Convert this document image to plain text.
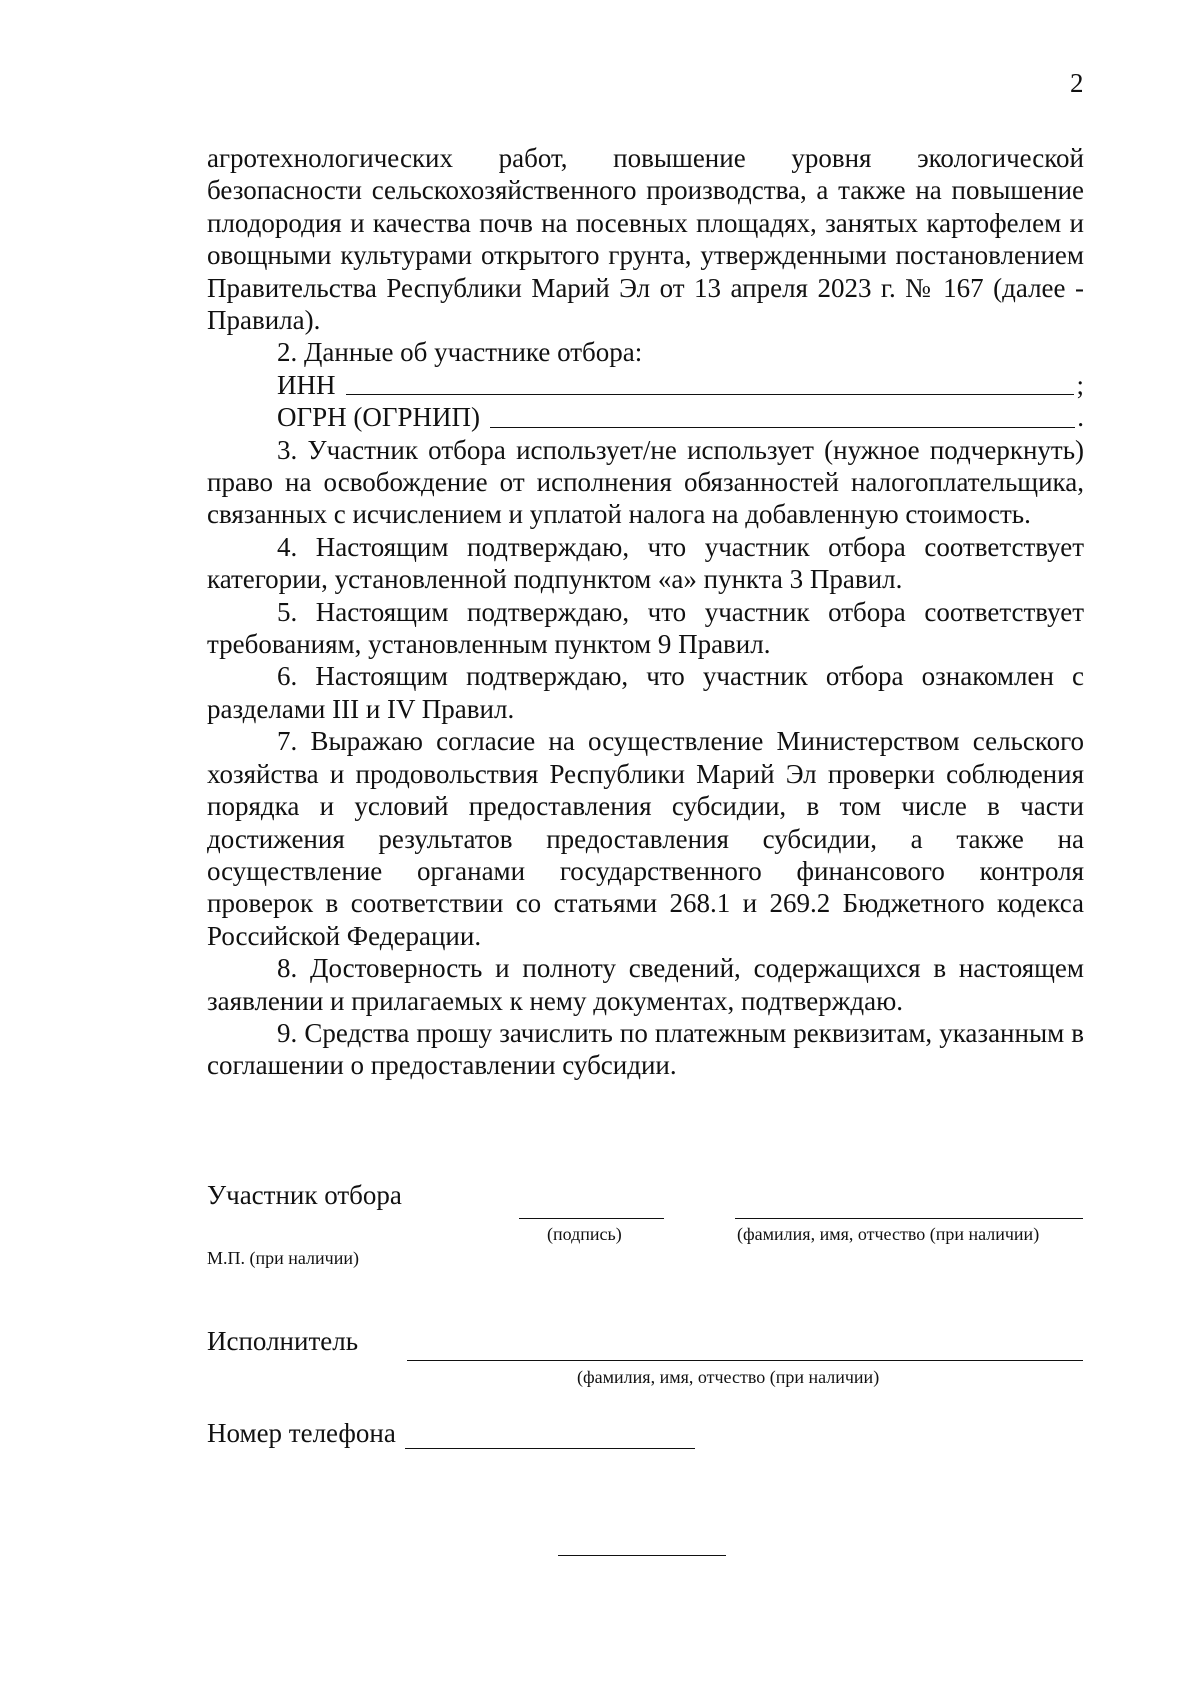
2
агротехнологических работ, повышение уровня экологической безопасности сельскохозяйственного производства, а также на повышение плодородия и качества почв на посевных площадях, занятых картофелем и овощными культурами открытого грунта, утвержденными постановлением Правительства Республики Марий Эл от 13 апреля 2023 г. № 167 (далее - Правила).
2. Данные об участнике отбора:
ИНН	;
ОГРН (ОГРНИП)	.
3. Участник отбора использует/не использует (нужное подчеркнуть) право на освобождение от исполнения обязанностей налогоплательщика, связанных с исчислением и уплатой налога на добавленную стоимость.
4. Настоящим подтверждаю, что участник отбора соответствует категории, установленной подпунктом «а» пункта 3 Правил.
5. Настоящим подтверждаю, что участник отбора соответствует требованиям, установленным пунктом 9 Правил.
6. Настоящим подтверждаю, что участник отбора ознакомлен с разделами III и IV Правил.
7. Выражаю согласие на осуществление Министерством сельского хозяйства и продовольствия Республики Марий Эл проверки соблюдения порядка и условий предоставления субсидии, в том числе в части достижения результатов предоставления субсидии, а также на осуществление органами государственного финансового контроля проверок в соответствии со статьями 268.1 и 269.2 Бюджетного кодекса Российской Федерации.
8. Достоверность и полноту сведений, содержащихся в настоящем заявлении и прилагаемых к нему документах, подтверждаю.
9. Средства прошу зачислить по платежным реквизитам, указанным в соглашении о предоставлении субсидии.
Участник отбора
(подпись)	(фамилия, имя, отчество (при наличии)
М.П. (при наличии)
Исполнитель
(фамилия, имя, отчество (при наличии)
Номер телефона
